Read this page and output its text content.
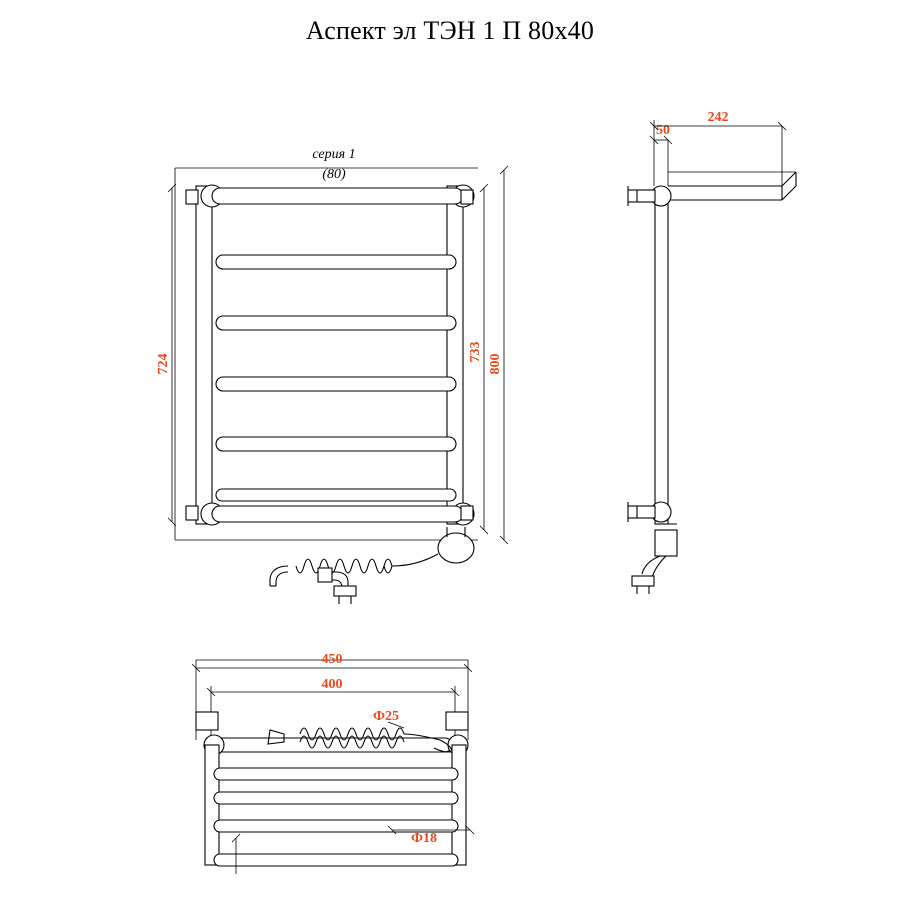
Аспект эл ТЭН 1 П 80х40
724
733
800
серия 1
(80)
50
242
Ф25
Ф18
450
400
